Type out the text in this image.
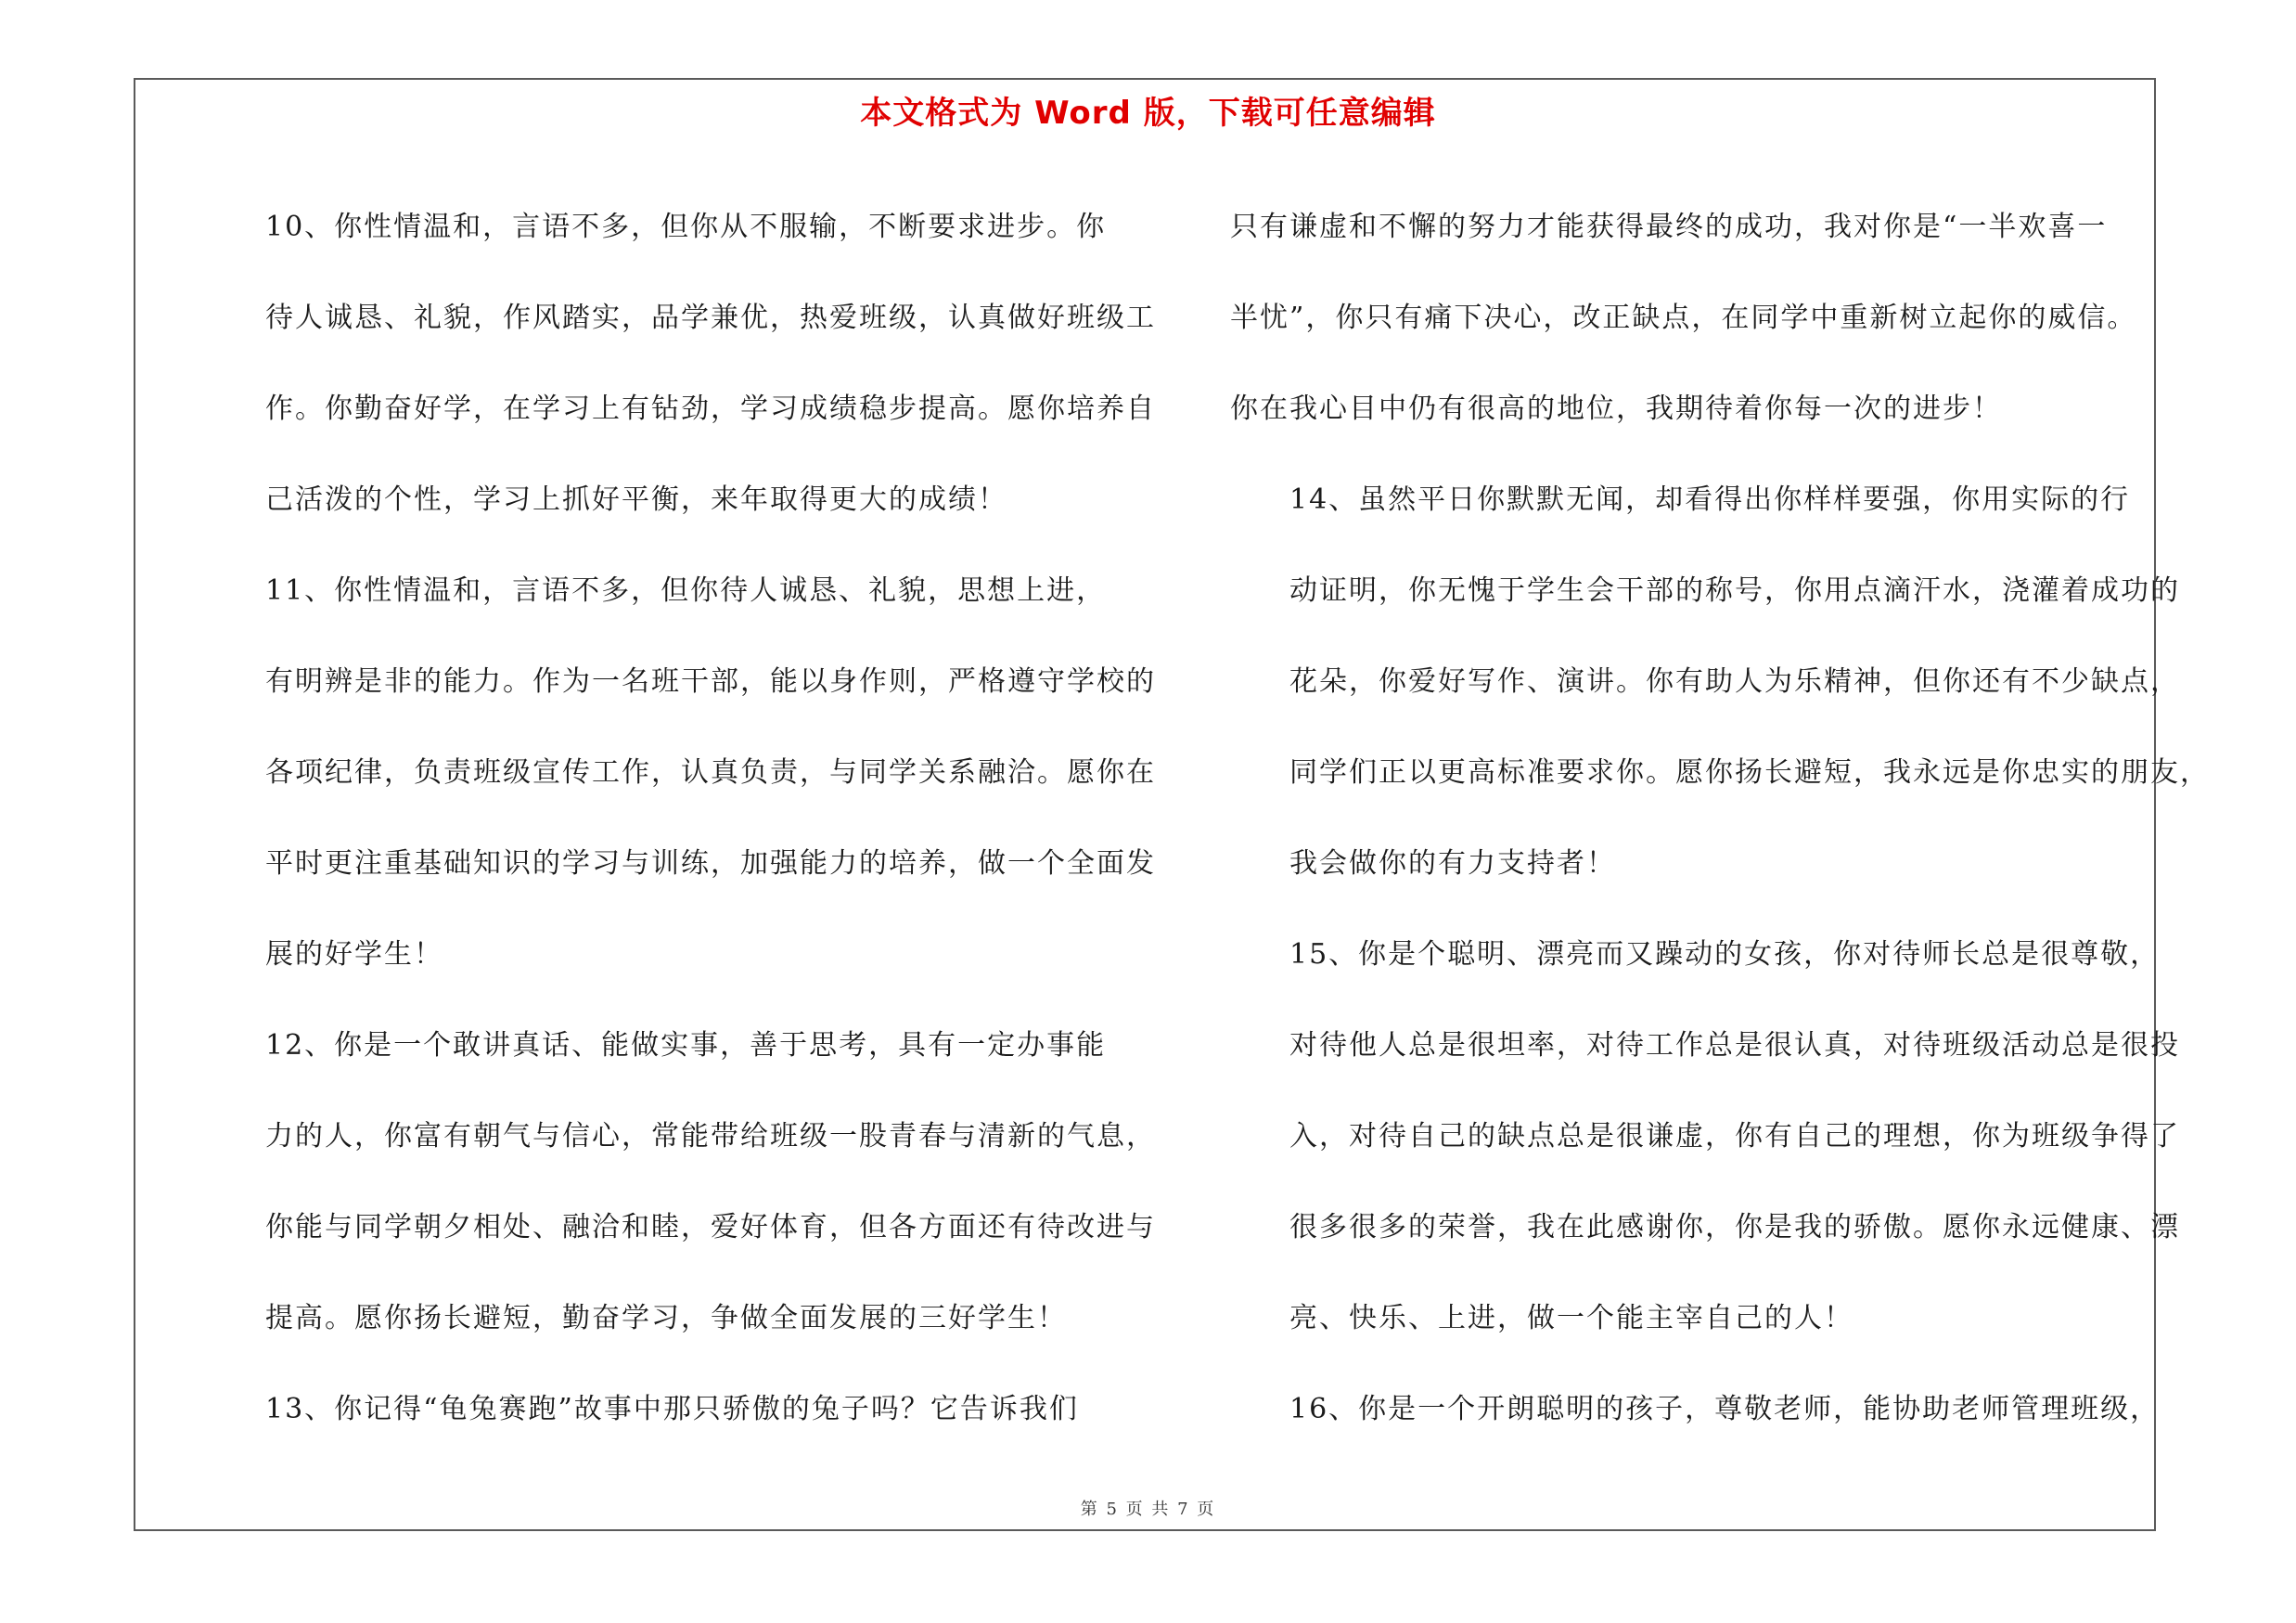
本文格式为 Word 版，下载可任意编辑

10、你性情温和，言语不多，但你从不服输，不断要求进步。你
待人诚恳、礼貌，作风踏实，品学兼优，热爱班级，认真做好班级工
作。你勤奋好学，在学习上有钻劲，学习成绩稳步提高。愿你培养自
己活泼的个性，学习上抓好平衡，来年取得更大的成绩！

11、你性情温和，言语不多，但你待人诚恳、礼貌，思想上进，
有明辨是非的能力。作为一名班干部，能以身作则，严格遵守学校的
各项纪律，负责班级宣传工作，认真负责，与同学关系融洽。愿你在
平时更注重基础知识的学习与训练，加强能力的培养，做一个全面发
展的好学生！

12、你是一个敢讲真话、能做实事，善于思考，具有一定办事能
力的人，你富有朝气与信心，常能带给班级一股青春与清新的气息，
你能与同学朝夕相处、融洽和睦，爱好体育，但各方面还有待改进与
提高。愿你扬长避短，勤奋学习，争做全面发展的三好学生！

13、你记得“龟兔赛跑”故事中那只骄傲的兔子吗？它告诉我们

只有谦虚和不懈的努力才能获得最终的成功，我对你是“一半欢喜一
半忧”，你只有痛下决心，改正缺点，在同学中重新树立起你的威信。
你在我心目中仍有很高的地位，我期待着你每一次的进步！

14、虽然平日你默默无闻，却看得出你样样要强，你用实际的行
动证明，你无愧于学生会干部的称号，你用点滴汗水，浇灌着成功的
花朵，你爱好写作、演讲。你有助人为乐精神，但你还有不少缺点，
同学们正以更高标准要求你。愿你扬长避短，我永远是你忠实的朋友，
我会做你的有力支持者！

15、你是个聪明、漂亮而又躁动的女孩，你对待师长总是很尊敬，
对待他人总是很坦率，对待工作总是很认真，对待班级活动总是很投
入，对待自己的缺点总是很谦虚，你有自己的理想，你为班级争得了
很多很多的荣誉，我在此感谢你，你是我的骄傲。愿你永远健康、漂
亮、快乐、上进，做一个能主宰自己的人！

16、你是一个开朗聪明的孩子，尊敬老师，能协助老师管理班级，

第 5 页 共 7 页
